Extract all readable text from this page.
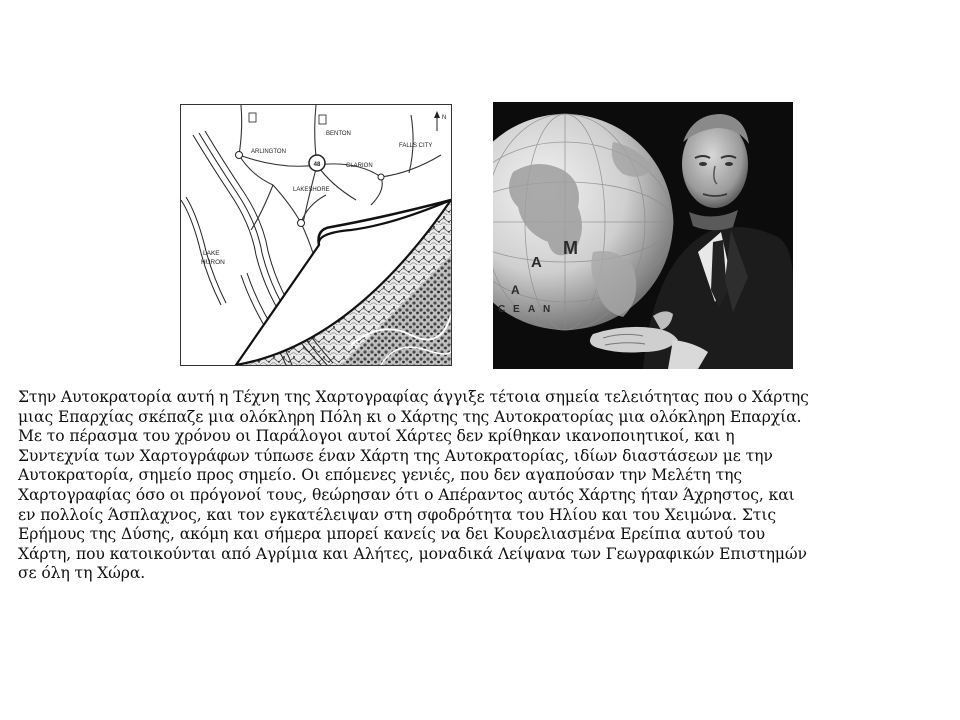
48
BENTON
ARLINGTON
CLARION
FALLS CITY
LAKESHORE
N
LAKE
HURON	A
M
A
C E A N
Στην Αυτοκρατορία αυτή η Τέχνη της Χαρτογραφίας άγγιξε τέτοια σημεία τελειότητας που ο Χάρτης
μιας Επαρχίας σκέπαζε μια ολόκληρη Πόλη κι ο Χάρτης της Αυτοκρατορίας μια ολόκληρη Επαρχία.
Με το πέρασμα του χρόνου οι Παράλογοι αυτοί Χάρτες δεν κρίθηκαν ικανοποιητικοί, και η
Συντεχνία των Χαρτογράφων τύπωσε έναν Χάρτη της Αυτοκρατορίας, ιδίων διαστάσεων με την
Αυτοκρατορία, σημείο προς σημείο. Οι επόμενες γενιές, που δεν αγαπούσαν την Μελέτη της
Χαρτογραφίας όσο οι πρόγονοί τους, θεώρησαν ότι ο Απέραντος αυτός Χάρτης ήταν Άχρηστος, και
εν πολλοίς Άσπλαχνος, και τον εγκατέλειψαν στη σφοδρότητα του Ηλίου και του Χειμώνα. Στις
Ερήμους της Δύσης, ακόμη και σήμερα μπορεί κανείς να δει Κουρελιασμένα Ερείπια αυτού του
Χάρτη, που κατοικούνται από Αγρίμια και Αλήτες, μοναδικά Λείψανα των Γεωγραφικών Επιστημών
σε όλη τη Χώρα.
